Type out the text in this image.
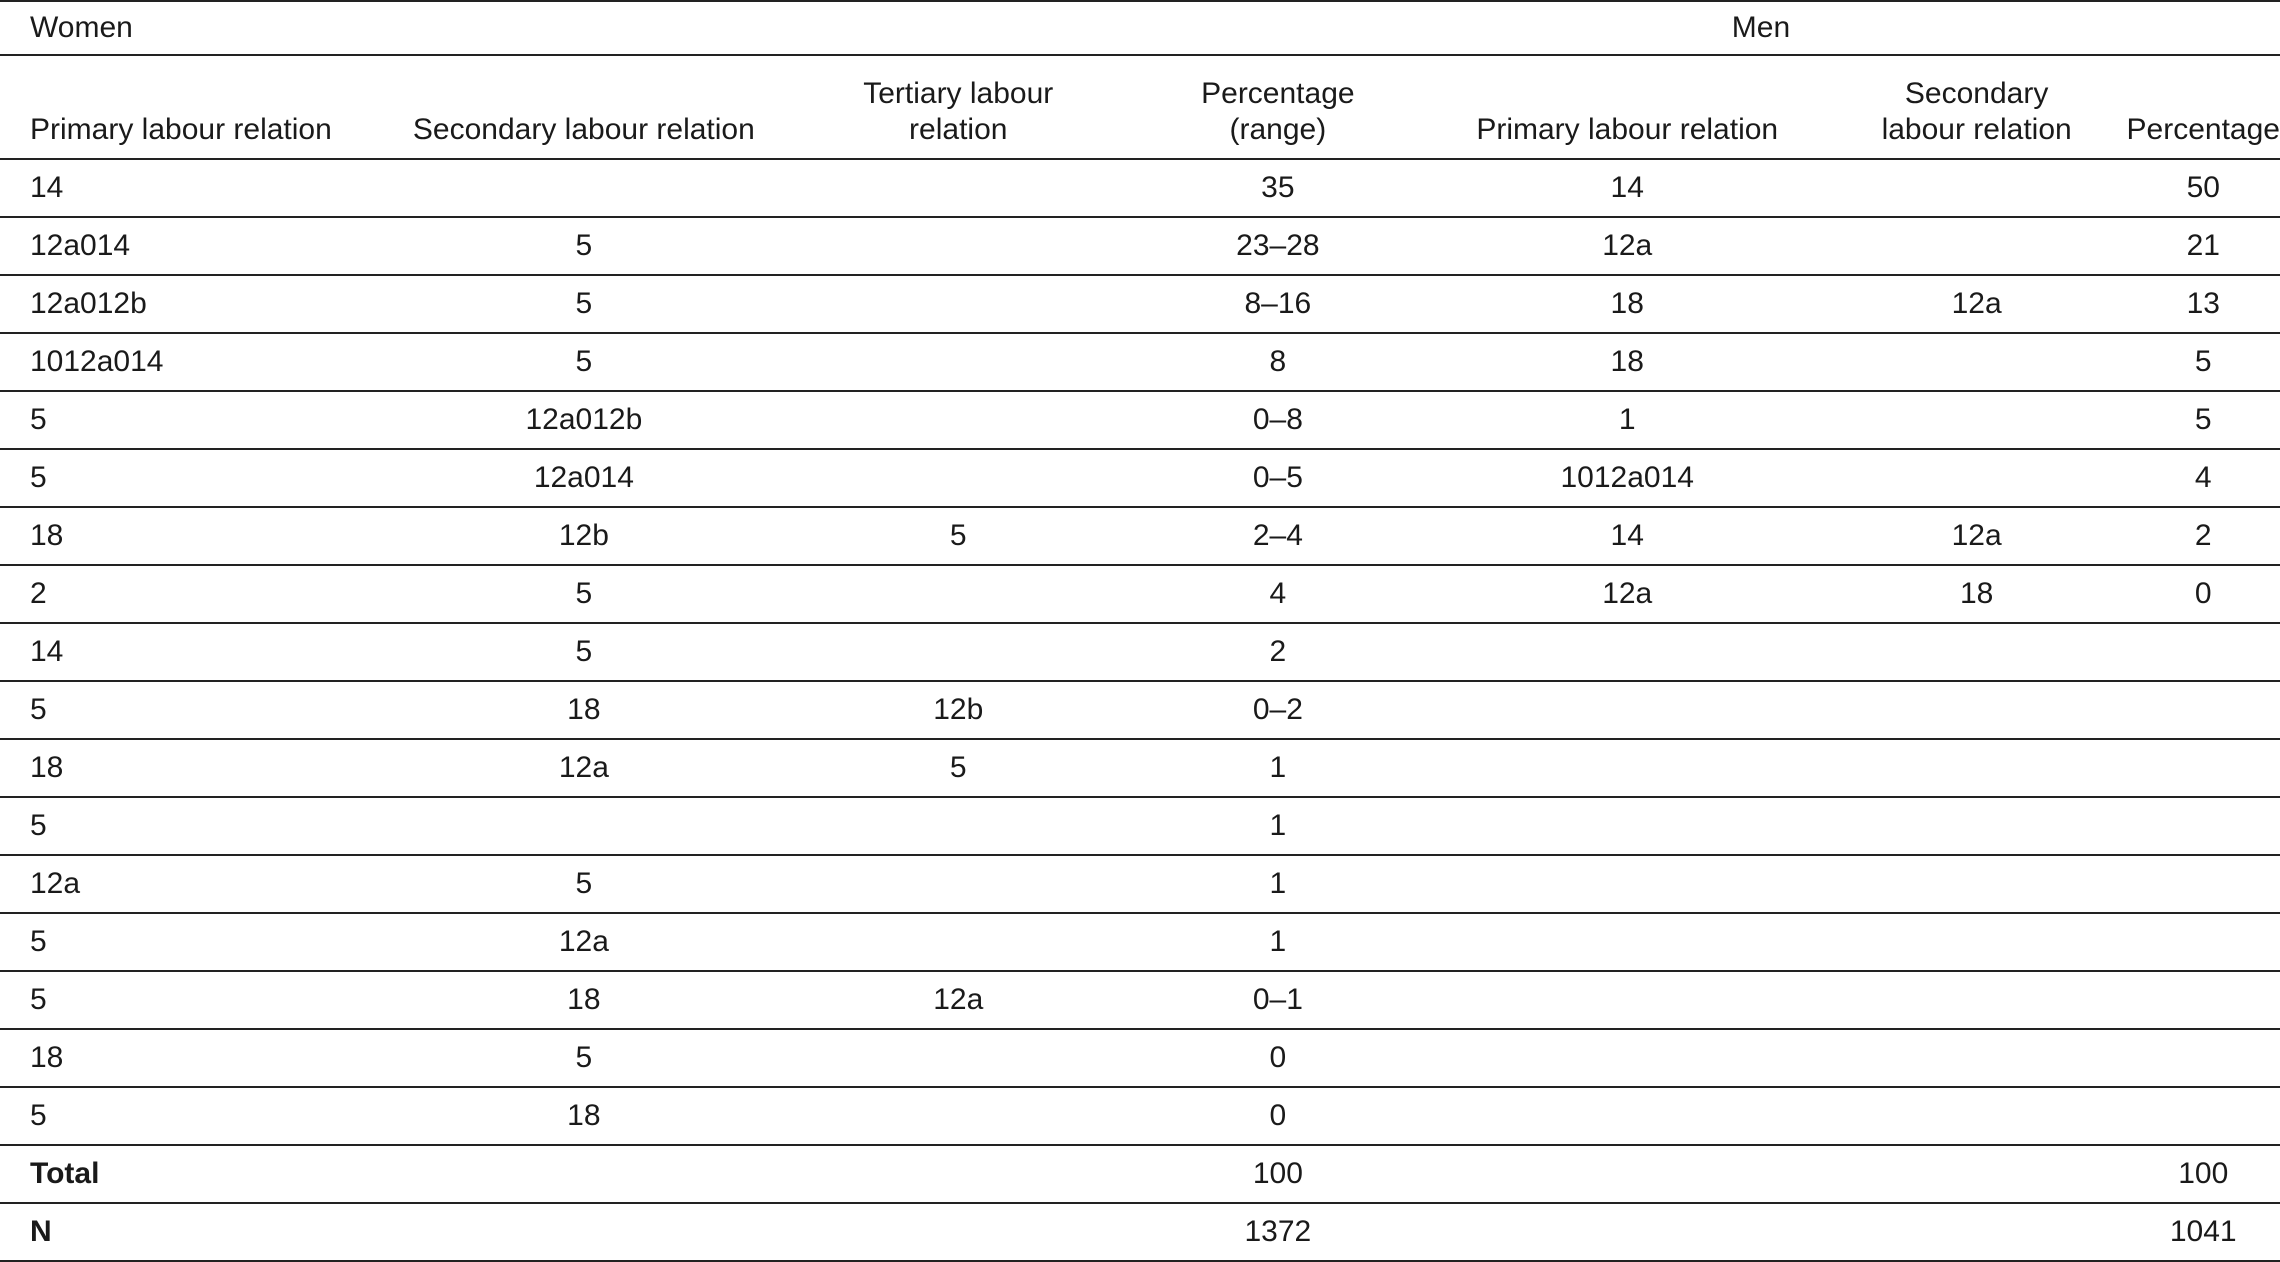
Women					Men	
Primary labour relation	Secondary labour relation	Tertiary labour relation	Percentage (range)	Primary labour relation	Secondary labour relation	Percentage
14			35	14		50
12a014	5		23–28	12a		21
12a012b	5		8–16	18	12a	13
1012a014	5		8	18		5
5	12a012b		0–8	1		5
5	12a014		0–5	1012a014		4
18	12b	5	2–4	14	12a	2
2	5		4	12a	18	0
14	5		2			
5	18	12b	0–2			
18	12a	5	1			
5			1			
12a	5		1			
5	12a		1			
5	18	12a	0–1			
18	5		0			
5	18		0			
Total			100			100
N			1372			1041
